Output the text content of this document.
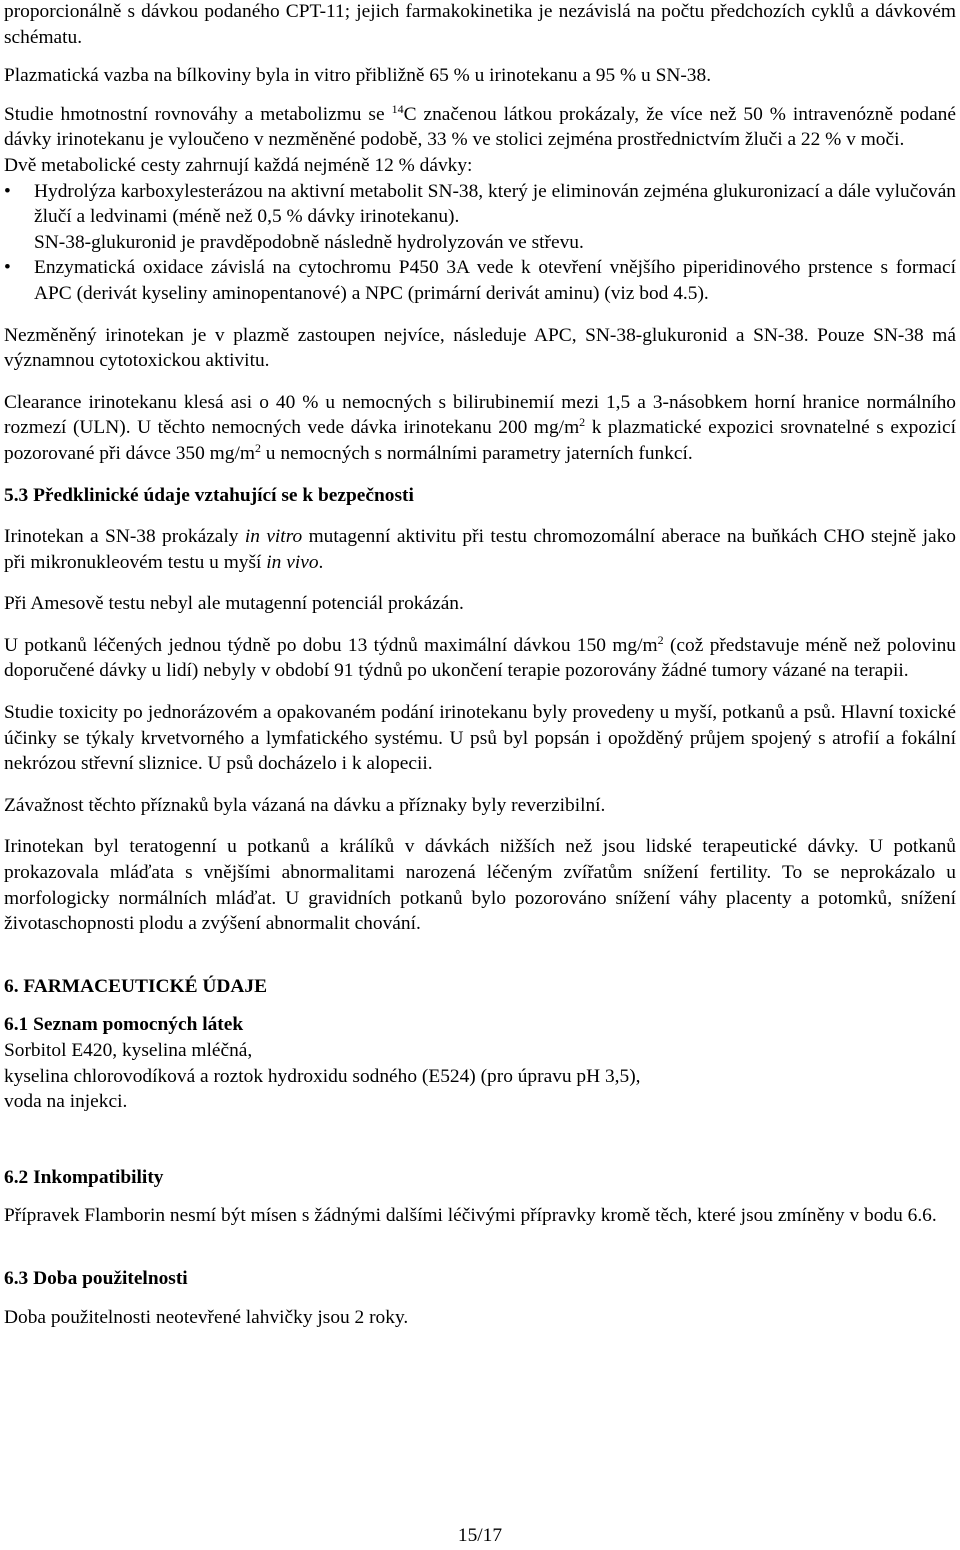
proporcionálně s dávkou podaného CPT-11; jejich farmakokinetika je nezávislá na počtu předchozích cyklů a dávkovém schématu.

Plazmatická vazba na bílkoviny byla in vitro přibližně 65 % u irinotekanu a 95 % u SN-38.

Studie hmotnostní rovnováhy a metabolizmu se $^{14}$C značenou látkou prokázaly, že více než 50 % intravenózně podané dávky irinotekanu je vyloučeno v nezměněné podobě, 33 % ve stolici zejména prostřednictvím žluči a 22 % v moči.

Dvě metabolické cesty zahrnují každá nejméně 12 % dávky:

• Hydrolýza karboxylesterázou na aktivní metabolit SN-38, který je eliminován zejména glukuronizací a dále vylučován žlučí a ledvinami (méně než 0,5 % dávky irinotekanu).

SN-38-glukuronid je pravděpodobně následně hydrolyzován ve střevu.

• Enzymatická oxidace závislá na cytochromu P450 3A vede k otevření vnějšího piperidinového prstence s formací APC (derivát kyseliny aminopentanové) a NPC (primární derivát aminu) (viz bod 4.5).

Nezměněný irinotekan je v plazmě zastoupen nejvíce, následuje APC, SN-38-glukuronid a SN-38. Pouze SN-38 má významnou cytotoxickou aktivitu.

Clearance irinotekanu klesá asi o 40 % u nemocných s bilirubinemií mezi 1,5 a 3-násobkem horní hranice normálního rozmezí (ULN). U těchto nemocných vede dávka irinotekanu 200 $mg/m^2$ k plazmatické expozici srovnatelné s expozicí pozorované při dávce 350 $mg/m^2$ u nemocných s normálními parametry jaterních funkcí.

5.3 Předklinické údaje vztahující se k bezpečnosti

Irinotekan a SN-38 prokázaly in vitro mutagenní aktivitu při testu chromozomální aberace na buňkách CHO stejně jako při mikronukleovém testu u myší in vivo.

Při Amesově testu nebyl ale mutagenní potenciál prokázán.

U potkanů léčených jednou týdně po dobu 13 týdnů maximální dávkou 150 $mg/m^2$ (což představuje méně než polovinu doporučené dávky u lidí) nebyly v období 91 týdnů po ukončení terapie pozorovány žádné tumory vázané na terapii.

Studie toxicity po jednorázovém a opakovaném podání irinotekanu byly provedeny u myší, potkanů a psů. Hlavní toxické účinky se týkaly krvetvorného a lymfatického systému. U psů byl popsán i opožděný průjem spojený s atrofií a fokální nekrózou střevní sliznice. U psů docházelo i k alopecii.

Závažnost těchto příznaků byla vázaná na dávku a příznaky byly reverzibilní.

Irinotekan byl teratogenní u potkanů a králíků v dávkách nižších než jsou lidské terapeutické dávky. U potkanů prokazovala mláďata s vnějšími abnormalitami narozená léčeným zvířatům snížení fertility. To se neprokázalo u morfologicky normálních mláďat. U gravidních potkanů bylo pozorováno snížení váhy placenty a potomků, snížení životaschopnosti plodu a zvýšení abnormalit chování.

6. FARMACEUTICKÉ ÚDAJE
6.1 Seznam pomocných látek

Sorbitol E420, kyselina mléčná,

kyselina chlorovodíková a roztok hydroxidu sodného (E524) (pro úpravu pH 3,5),

voda na injekci.

6.2 Inkompatibility

Přípravek Flamborin nesmí být mísen s žádnými dalšími léčivými přípravky kromě těch, které jsou zmíněny v bodu 6.6.

6.3 Doba použitelnosti

Doba použitelnosti neotevřené lahvičky jsou 2 roky.

15/17
